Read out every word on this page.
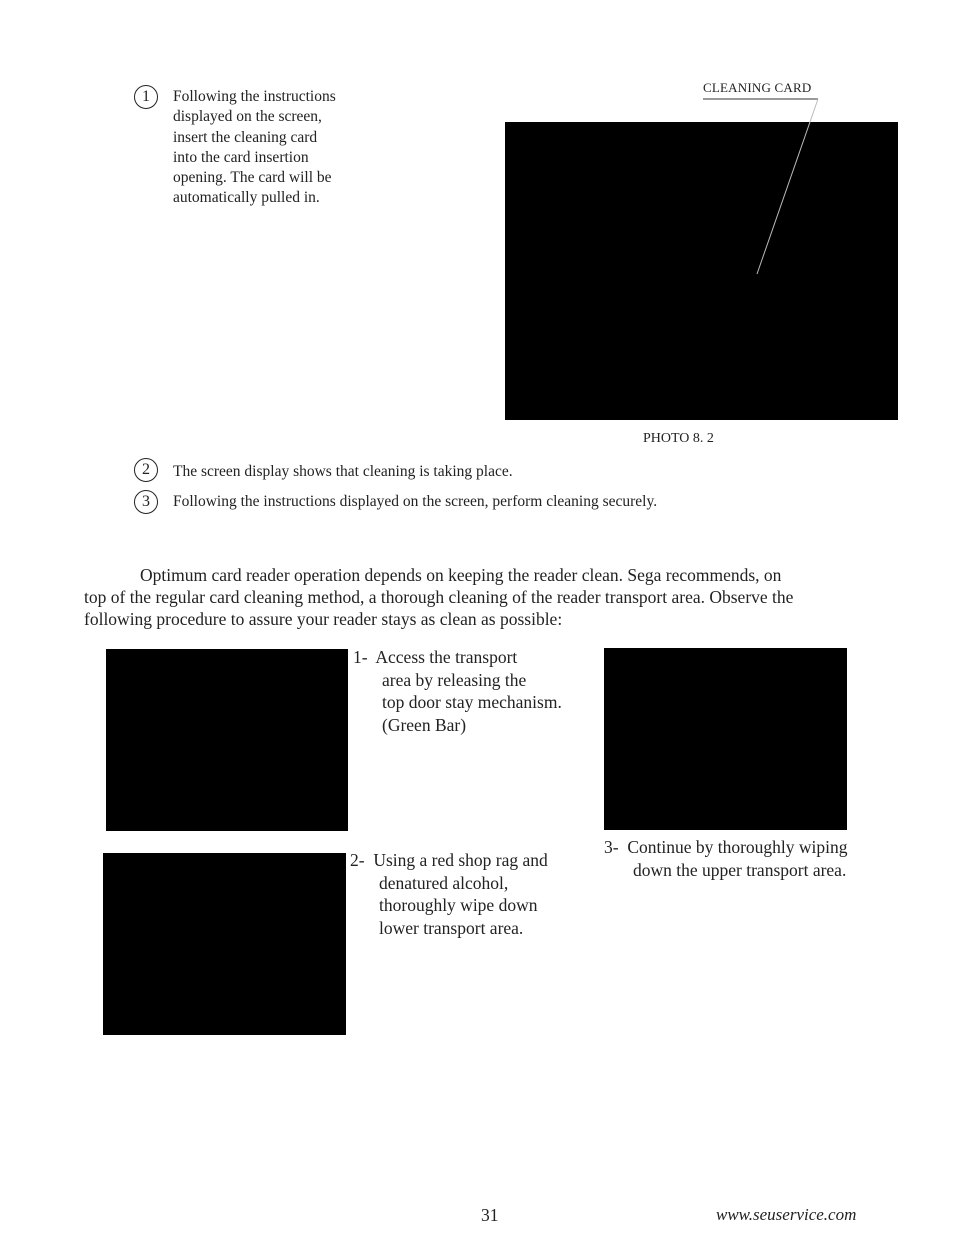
1	Following the instructions
displayed on the screen,
insert the cleaning card
into the card insertion
opening. The card will be
automatically pulled in.
CLEANING CARD
PHOTO 8. 2
2	The screen display shows that cleaning is taking place.
3	Following the instructions displayed on the screen, perform cleaning securely.
Optimum card reader operation depends on keeping the reader clean. Sega recommends, on
top of the regular card cleaning method, a thorough cleaning of the reader transport area. Observe the
following procedure to assure your reader stays as clean as possible:
1- Access the transport
area by releasing the
top door stay mechanism.
(Green Bar)
2- Using a red shop rag and
denatured alcohol,
thoroughly wipe down
lower transport area.
3- Continue by thoroughly wiping
down the upper transport area.
31	www.seuservice.com
